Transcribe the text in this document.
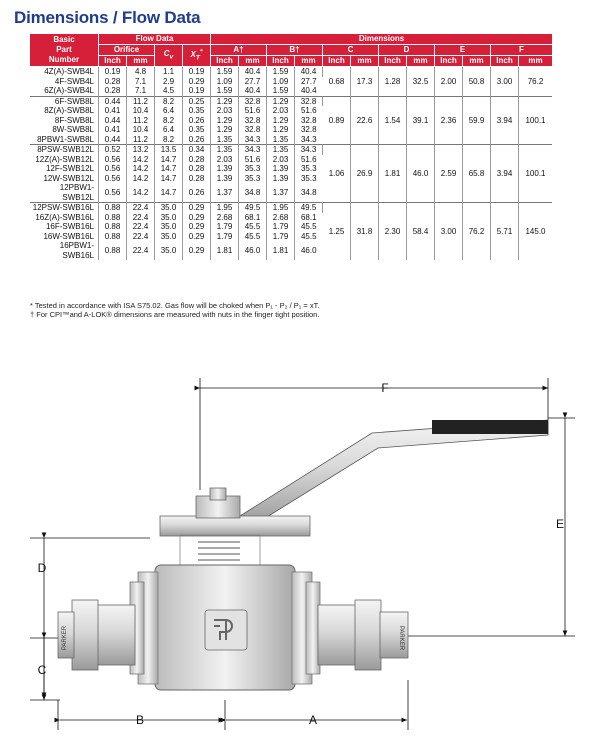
Dimensions / Flow Data
Basic
Part
Number	Flow Data				Dimensions											
	Orifice		$C_v$	$X_T^*$	A†		B†		C		D		E		F	
	Inch	mm			Inch	mm	Inch	mm	Inch	mm	Inch	mm	Inch	mm	Inch	mm
4Z(A)-SWB4L	0.19	4.8	1.1	0.19	1.59	40.4	1.59	40.4	0.68	17.3	1.28	32.5	2.00	50.8	3.00	76.2
4F-SWB4L	0.28	7.1	2.9	0.29	1.09	27.7	1.09	27.7								
6Z(A)-SWB4L	0.28	7.1	4.5	0.19	1.59	40.4	1.59	40.4								
6F-SWB8L	0.44	11.2	8.2	0.25	1.29	32.8	1.29	32.8	0.89	22.6	1.54	39.1	2.36	59.9	3.94	100.1
8Z(A)-SWB8L	0.41	10.4	6.4	0.35	2.03	51.6	2.03	51.6								
8F-SWB8L	0.44	11.2	8.2	0.26	1.29	32.8	1.29	32.8								
8W-SWB8L	0.41	10.4	6.4	0.35	1.29	32.8	1.29	32.8								
8PBW1-SWB8L	0.44	11.2	8.2	0.26	1.35	34.3	1.35	34.3								
8PSW-SWB12L	0.52	13.2	13.5	0.34	1.35	34.3	1.35	34.3	1.06	26.9	1.81	46.0	2.59	65.8	3.94	100.1
12Z(A)-SWB12L	0.56	14.2	14.7	0.28	2.03	51.6	2.03	51.6								
12F-SWB12L	0.56	14.2	14.7	0.28	1.39	35.3	1.39	35.3								
12W-SWB12L	0.56	14.2	14.7	0.28	1.39	35.3	1.39	35.3								
12PBW1-SWB12L	0.56	14.2	14.7	0.26	1.37	34.8	1.37	34.8								
12PSW-SWB16L	0.88	22.4	35.0	0.29	1.95	49.5	1.95	49.5	1.25	31.8	2.30	58.4	3.00	76.2	5.71	145.0
16Z(A)-SWB16L	0.88	22.4	35.0	0.29	2.68	68.1	2.68	68.1								
16F-SWB16L	0.88	22.4	35.0	0.29	1.79	45.5	1.79	45.5								
16W-SWB16L	0.88	22.4	35.0	0.29	1.79	45.5	1.79	45.5								
16PBW1-SWB16L	0.88	22.4	35.0	0.29	1.81	46.0	1.81	46.0								
* Tested in accordance with ISA S75.02. Gas flow will be choked when P₁ - P₂ / P₁ = xT.
† For CPI™and A-LOK® dimensions are measured with nuts in the finger tight position.
F
E
D
C
B	A
PARKER	PARKER
